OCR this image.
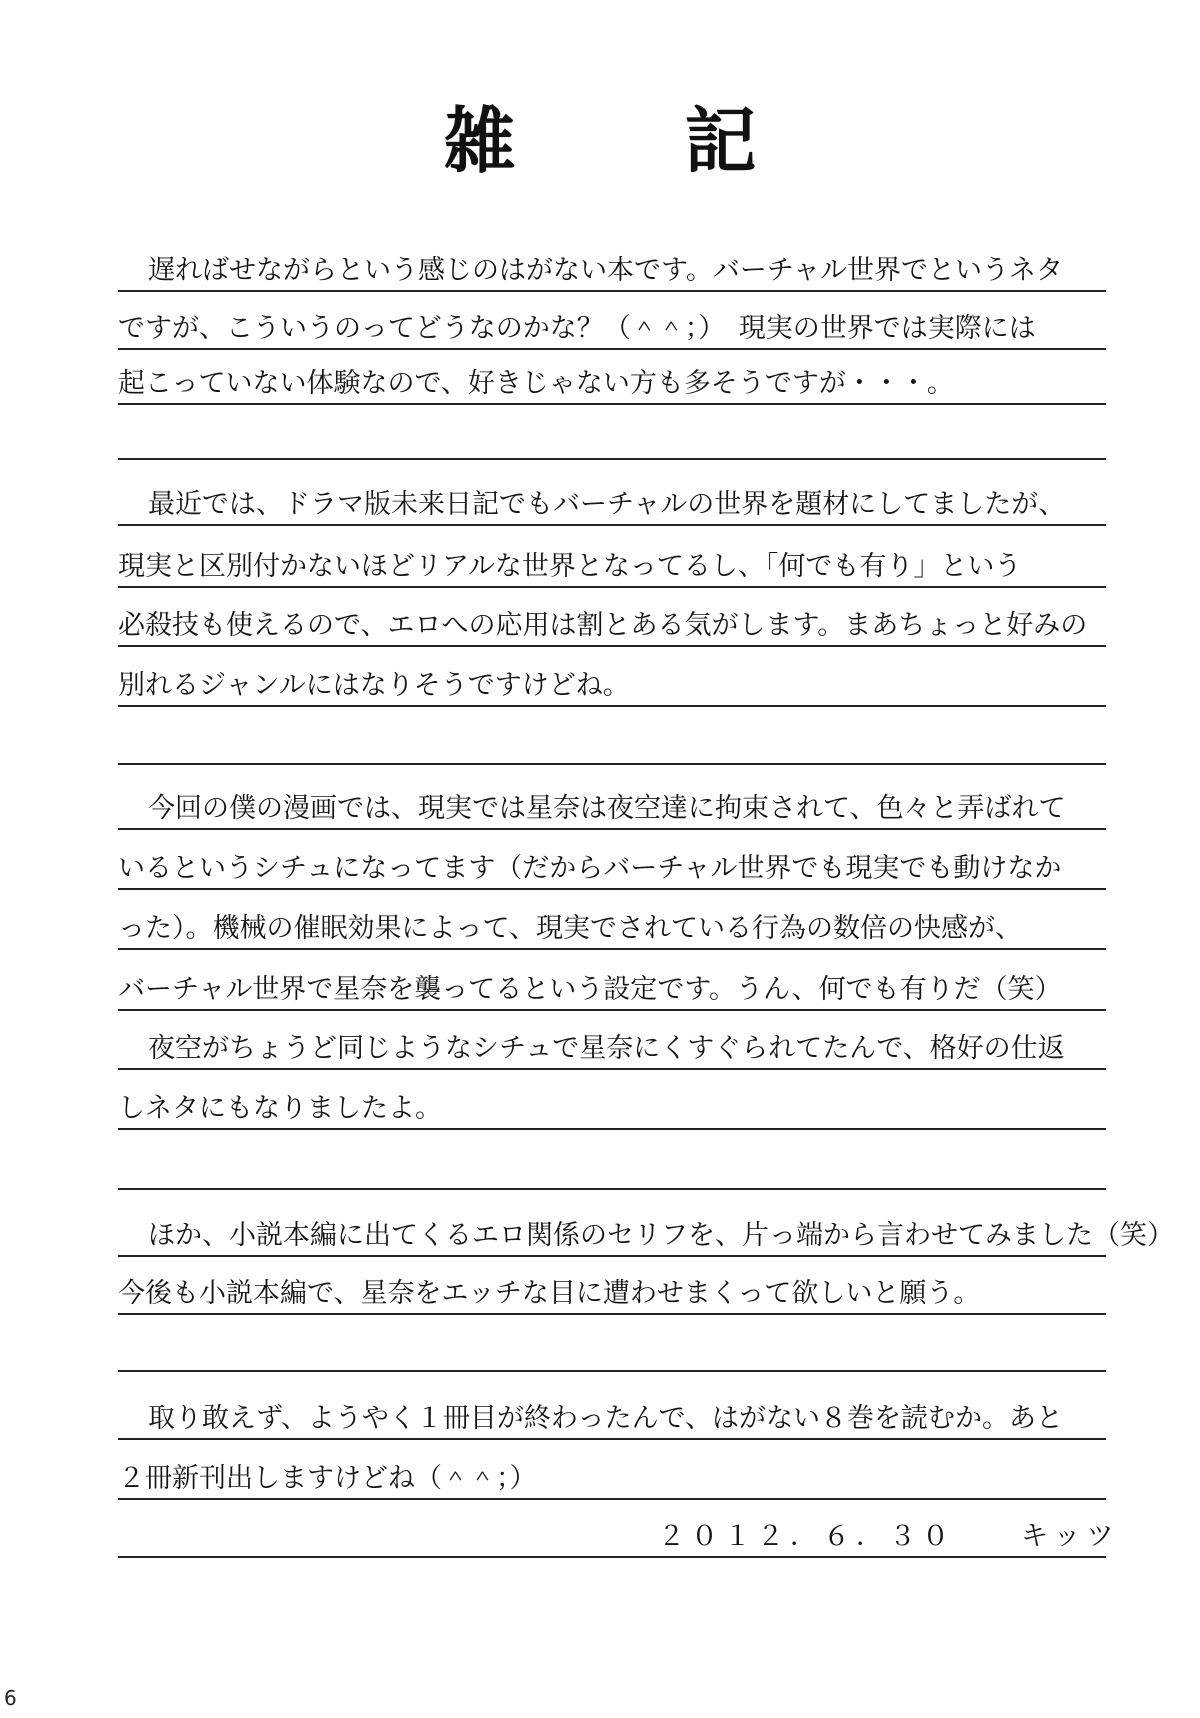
雑 記
遅ればせながらという感じのはがない本です。バーチャル世界でというネタ
ですが、こういうのってどうなのかな？（＾＾；）　現実の世界では実際には
起こっていない体験なので、好きじゃない方も多そうですが・・・。
最近では、ドラマ版未来日記でもバーチャルの世界を題材にしてましたが、
現実と区別付かないほどリアルな世界となってるし、「何でも有り」という
必殺技も使えるので、エロへの応用は割とある気がします。まあちょっと好みの
別れるジャンルにはなりそうですけどね。
今回の僕の漫画では、現実では星奈は夜空達に拘束されて、色々と弄ばれて
いるというシチュになってます（だからバーチャル世界でも現実でも動けなか
った）。機械の催眠効果によって、現実でされている行為の数倍の快感が、
バーチャル世界で星奈を襲ってるという設定です。うん、何でも有りだ（笑）
夜空がちょうど同じようなシチュで星奈にくすぐられてたんで、格好の仕返
しネタにもなりましたよ。
ほか、小説本編に出てくるエロ関係のセリフを、片っ端から言わせてみました（笑）
今後も小説本編で、星奈をエッチな目に遭わせまくって欲しいと願う。
取り敢えず、ようやく１冊目が終わったんで、はがない８巻を読むか。あと
２冊新刊出しますけどね（＾＾；）
２０１２．６．３０　　キッツ
6
